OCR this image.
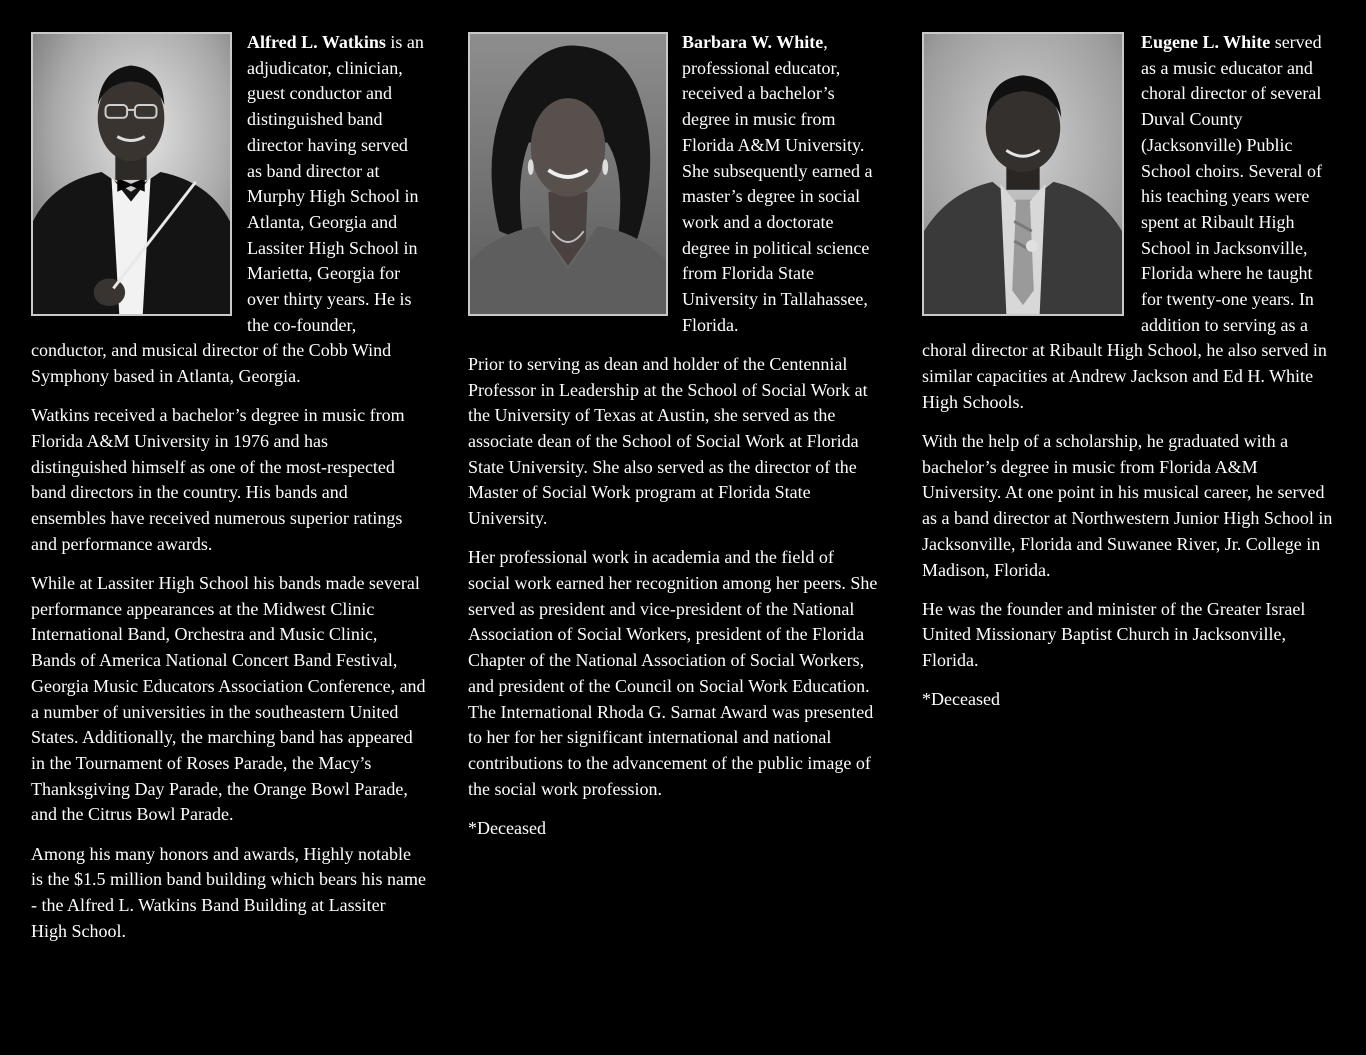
Alfred L. Watkins is an adjudicator, clinician, guest conductor and distinguished band director having served as band director at Murphy High School in Atlanta, Georgia and Lassiter High School in Marietta, Georgia for over thirty years. He is the co-founder, conductor, and musical director of the Cobb Wind Symphony based in Atlanta, Georgia.

Watkins received a bachelor’s degree in music from Florida A&M University in 1976 and has distinguished himself as one of the most-respected band directors in the country. His bands and ensembles have received numerous superior ratings and performance awards.

While at Lassiter High School his bands made several performance appearances at the Midwest Clinic International Band, Orchestra and Music Clinic, Bands of America National Concert Band Festival, Georgia Music Educators Association Conference, and a number of universities in the southeastern United States. Additionally, the marching band has appeared in the Tournament of Roses Parade, the Macy’s Thanksgiving Day Parade, the Orange Bowl Parade, and the Citrus Bowl Parade.

Among his many honors and awards, Highly notable is the $1.5 million band building which bears his name - the Alfred L. Watkins Band Building at Lassiter High School.

Barbara W. White, professional educator, received a bachelor’s degree in music from Florida A&M University. She subsequently earned a master’s degree in social work and a doctorate degree in political science from Florida State University in Tallahassee, Florida.

Prior to serving as dean and holder of the Centennial Professor in Leadership at the School of Social Work at the University of Texas at Austin, she served as the associate dean of the School of Social Work at Florida State University. She also served as the director of the Master of Social Work program at Florida State University.

Her professional work in academia and the field of social work earned her recognition among her peers. She served as president and vice-president of the National Association of Social Workers, president of the Florida Chapter of the National Association of Social Workers, and president of the Council on Social Work Education. The International Rhoda G. Sarnat Award was presented to her for her significant international and national contributions to the advancement of the public image of the social work profession.

*Deceased

Eugene L. White served as a music educator and choral director of several Duval County (Jacksonville) Public School choirs. Several of his teaching years were spent at Ribault High School in Jacksonville, Florida where he taught for twenty-one years. In addition to serving as a choral director at Ribault High School, he also served in similar capacities at Andrew Jackson and Ed H. White High Schools.

With the help of a scholarship, he graduated with a bachelor’s degree in music from Florida A&M University. At one point in his musical career, he served as a band director at Northwestern Junior High School in Jacksonville, Florida and Suwanee River, Jr. College in Madison, Florida.

He was the founder and minister of the Greater Israel United Missionary Baptist Church in Jacksonville, Florida.

*Deceased
